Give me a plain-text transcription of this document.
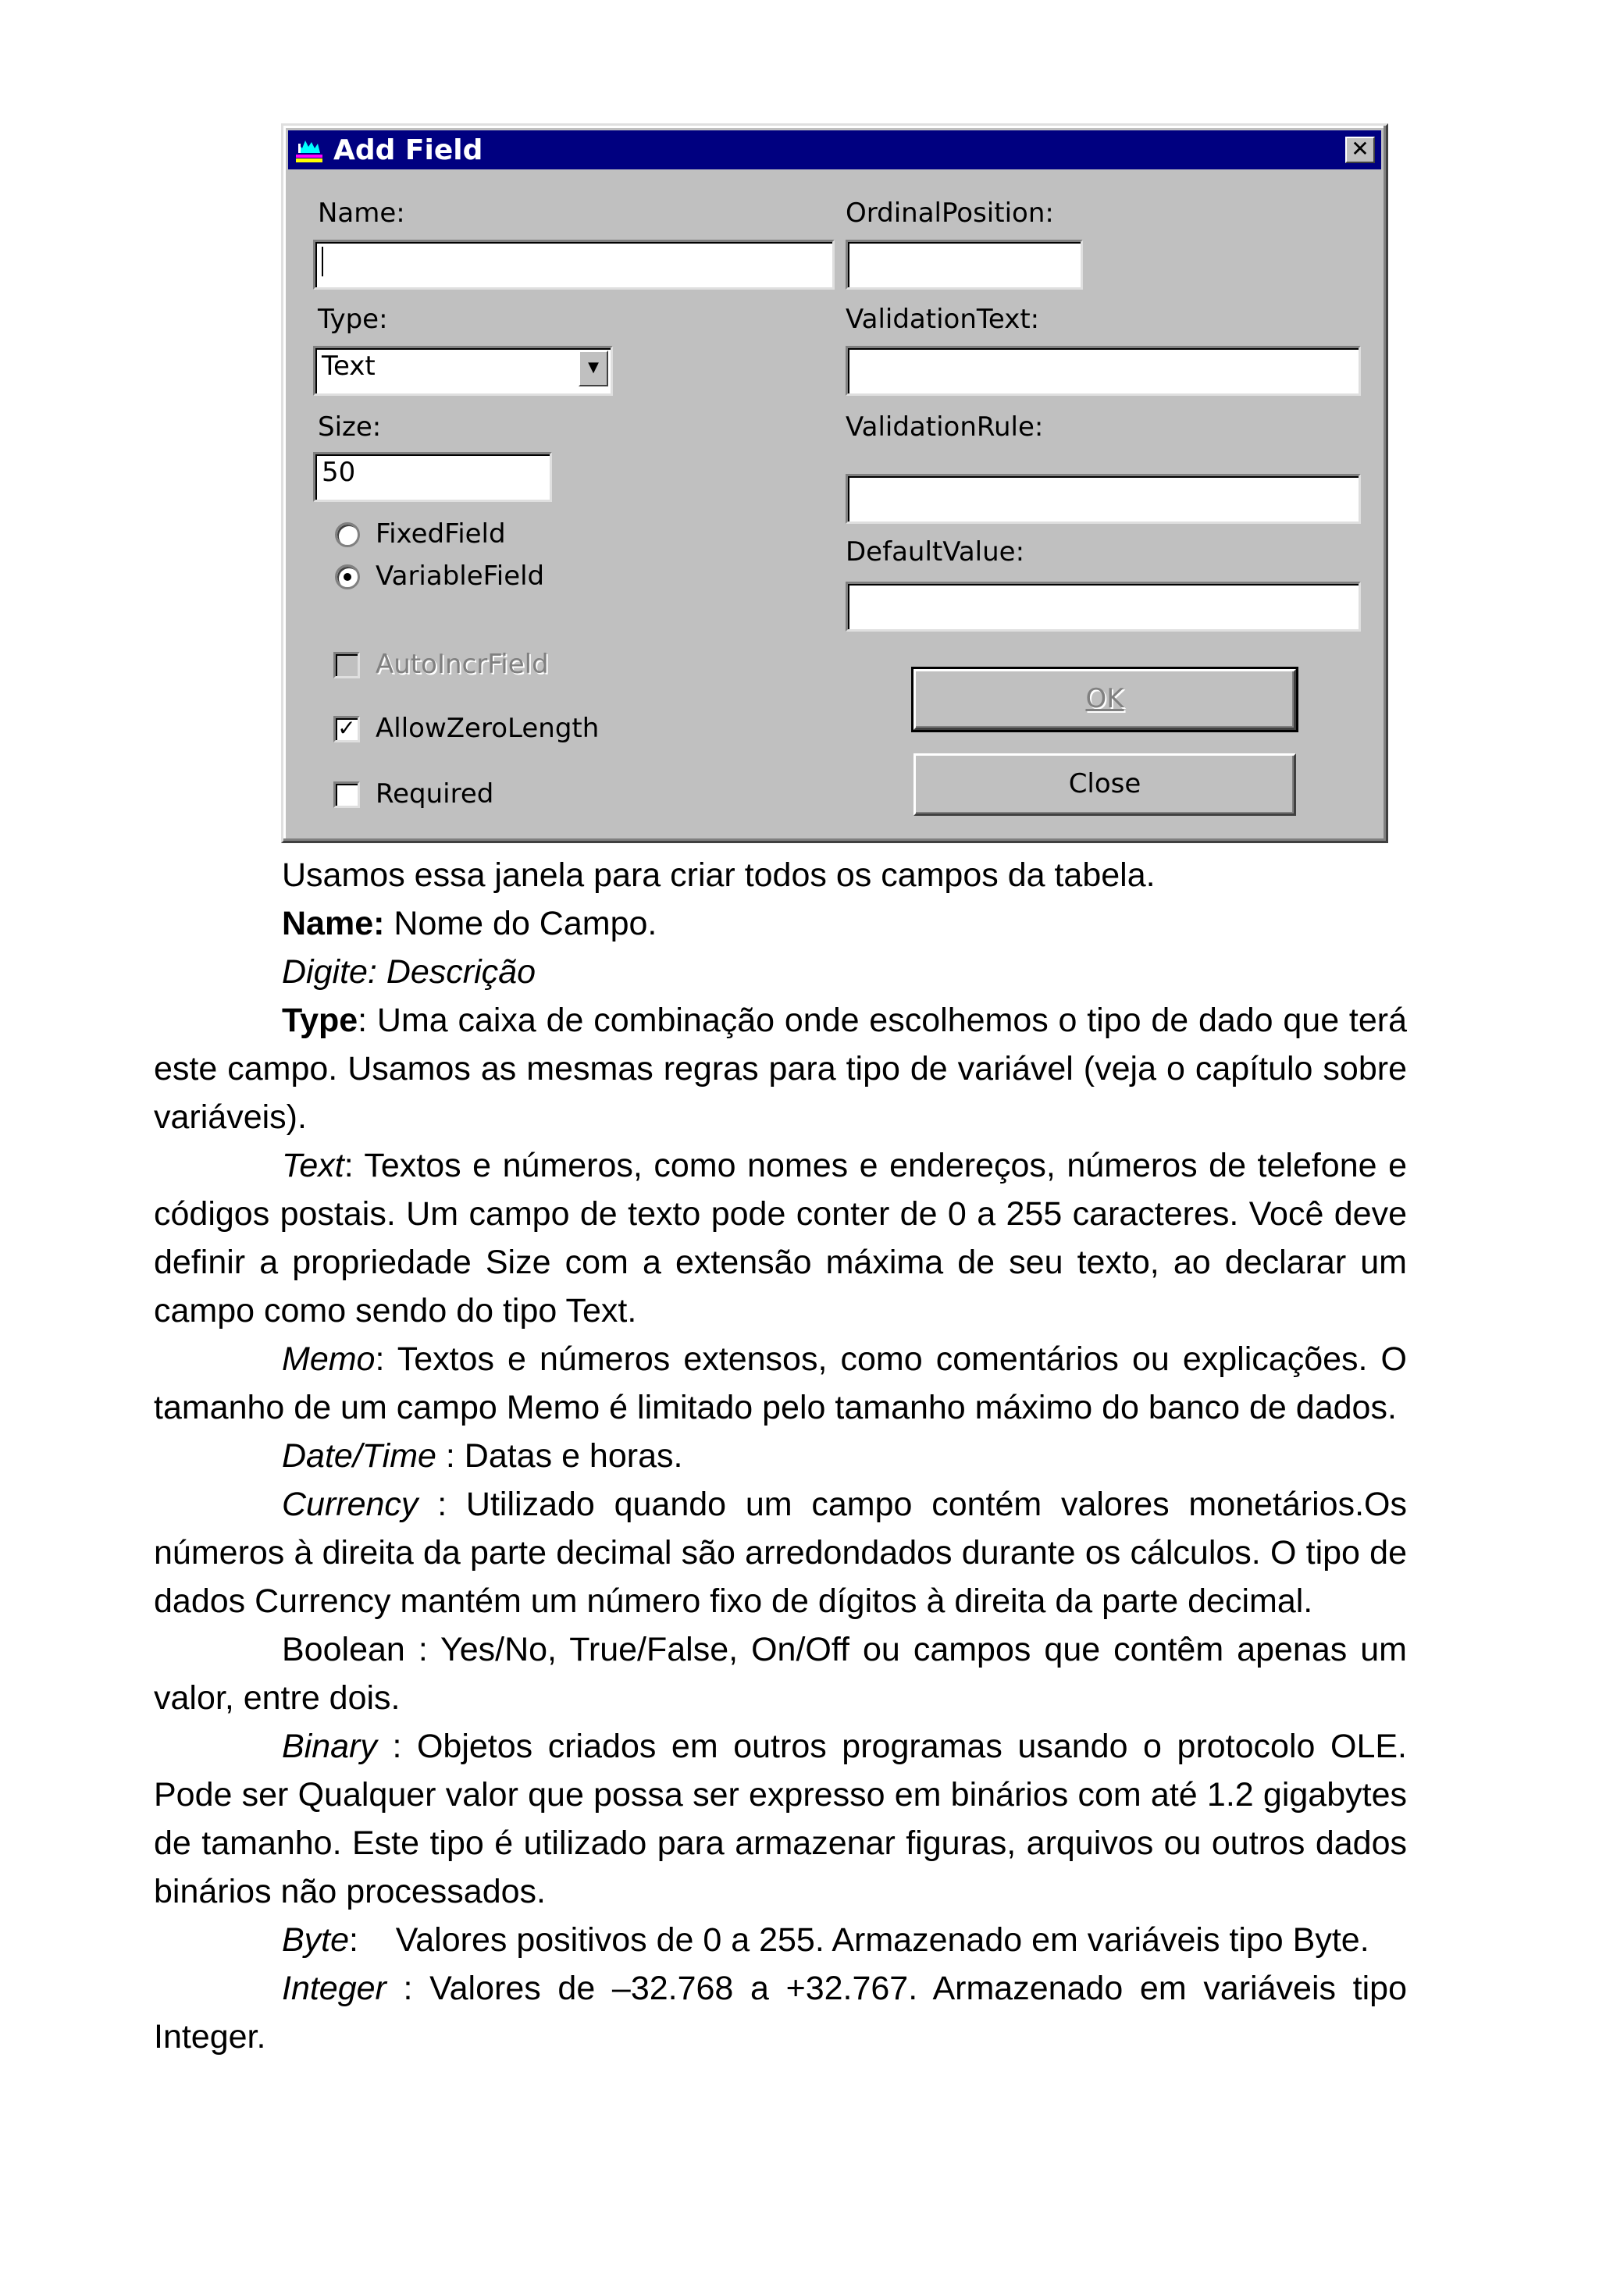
Add Field	✕
Name:
Type:
Text	▼
Size:
50
FixedField
VariableField
AutoIncrField
✓ AllowZeroLength
Required
OrdinalPosition:
ValidationText:
ValidationRule:
DefaultValue:
OK
Close

Usamos essa janela para criar todos os campos da tabela.

Name: Nome do Campo.

Digite: Descrição

Type: Uma caixa de combinação onde escolhemos o tipo de dado que terá este campo. Usamos as mesmas regras para tipo de variável (veja o capítulo sobre variáveis).

Text: Textos e números, como nomes e endereços, números de telefone e códigos postais. Um campo de texto pode conter de 0 a 255 caracteres. Você deve definir a propriedade Size com a extensão máxima de seu texto, ao declarar um campo como sendo do tipo Text.

Memo: Textos e números extensos, como comentários ou explicações. O tamanho de um campo Memo é limitado pelo tamanho máximo do banco de dados.

Date/Time : Datas e horas.

Currency : Utilizado quando um campo contém valores monetários.Os números à direita da parte decimal são arredondados durante os cálculos. O tipo de dados Currency mantém um número fixo de dígitos à direita da parte decimal.

Boolean : Yes/No, True/False, On/Off ou campos que contêm apenas um valor, entre dois.

Binary : Objetos criados em outros programas usando o protocolo OLE. Pode ser Qualquer valor que possa ser expresso em binários com até 1.2 gigabytes de tamanho. Este tipo é utilizado para armazenar figuras, arquivos ou outros dados binários não processados.

Byte:    Valores positivos de 0 a 255. Armazenado em variáveis tipo Byte.

Integer : Valores de –32.768 a +32.767. Armazenado em variáveis tipo Integer.
